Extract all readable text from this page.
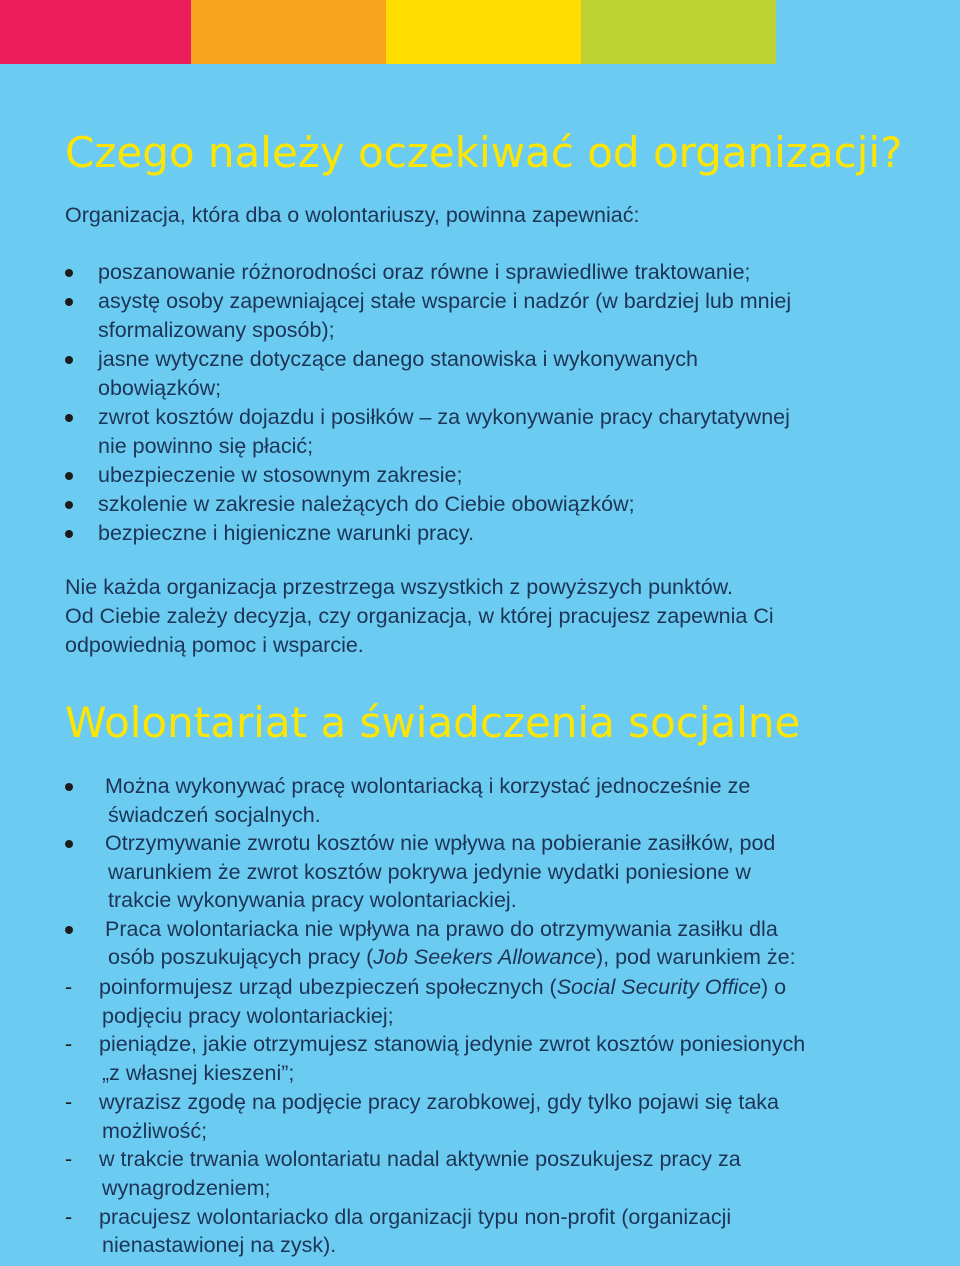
Czego należy oczekiwać od organizacji?

Organizacja, która dba o wolontariuszy, powinna zapewniać:

poszanowanie różnorodności oraz równe i sprawiedliwe traktowanie;
asystę osoby zapewniającej stałe wsparcie i nadzór (w bardziej lub mniej
sformalizowany sposób);
jasne wytyczne dotyczące danego stanowiska i wykonywanych
obowiązków;
zwrot kosztów dojazdu i posiłków – za wykonywanie pracy charytatywnej
nie powinno się płacić;
ubezpieczenie w stosownym zakresie;
szkolenie w zakresie należących do Ciebie obowiązków;
bezpieczne i higieniczne warunki pracy.

Nie każda organizacja przestrzega wszystkich z powyższych punktów.
Od Ciebie zależy decyzja, czy organizacja, w której pracujesz zapewnia Ci
odpowiednią pomoc i wsparcie.

Wolontariat a świadczenia socjalne
Można wykonywać pracę wolontariacką i korzystać jednocześnie ze
świadczeń socjalnych.
Otrzymywanie zwrotu kosztów nie wpływa na pobieranie zasiłków, pod
warunkiem że zwrot kosztów pokrywa jedynie wydatki poniesione w
trakcie wykonywania pracy wolontariackiej.
Praca wolontariacka nie wpływa na prawo do otrzymywania zasiłku dla
osób poszukujących pracy (Job Seekers Allowance), pod warunkiem że:
- poinformujesz urząd ubezpieczeń społecznych (Social Security Office) o
podjęciu pracy wolontariackiej;
- pieniądze, jakie otrzymujesz stanowią jedynie zwrot kosztów poniesionych
„z własnej kieszeni”;
- wyrazisz zgodę na podjęcie pracy zarobkowej, gdy tylko pojawi się taka
możliwość;
- w trakcie trwania wolontariatu nadal aktywnie poszukujesz pracy za
wynagrodzeniem;
- pracujesz wolontariacko dla organizacji typu non-profit (organizacji
nienastawionej na zysk).
